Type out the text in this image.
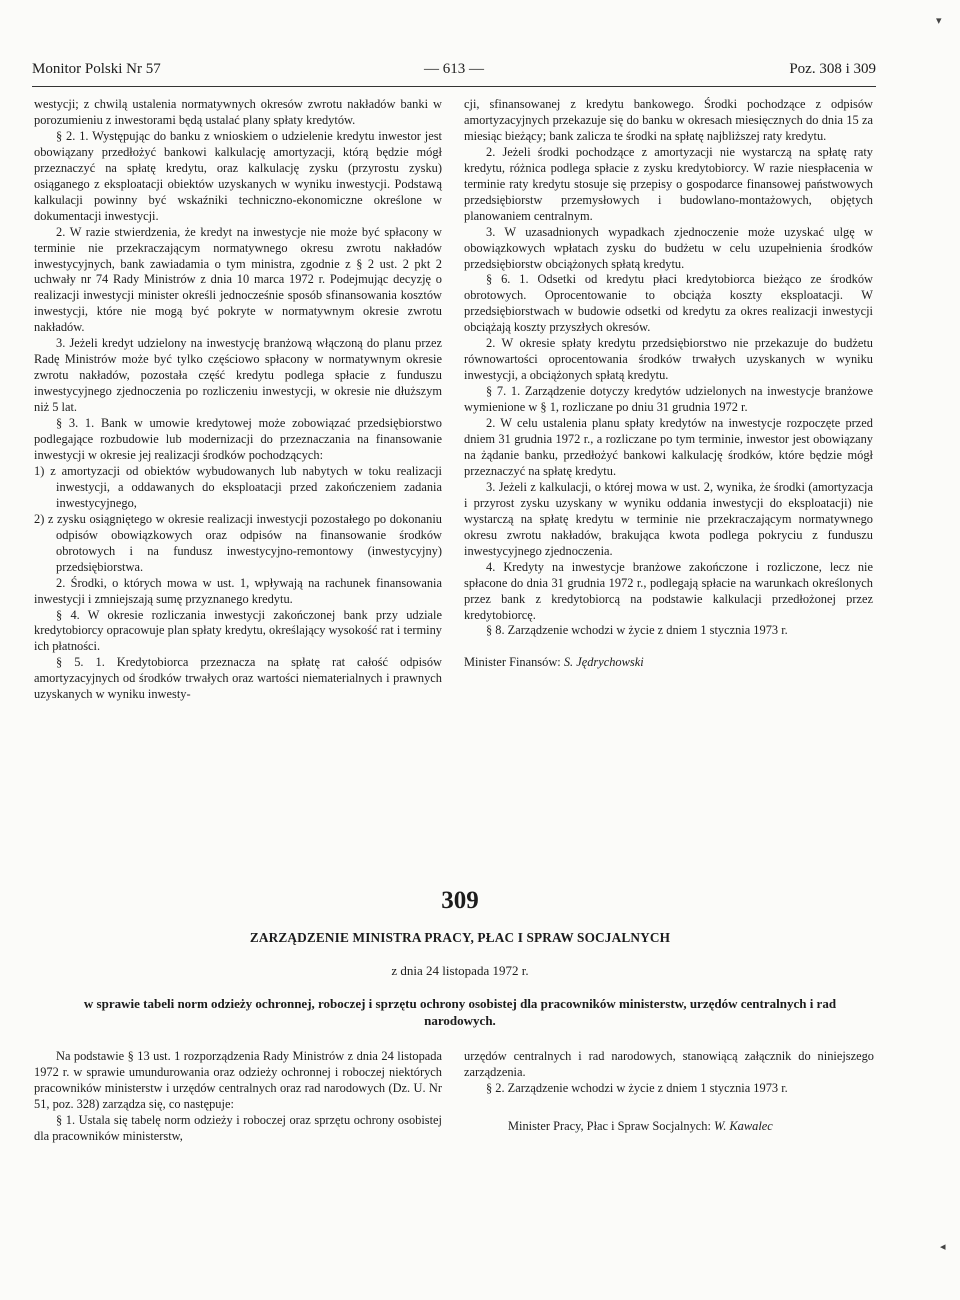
Monitor Polski Nr 57	— 613 —	Poz. 308 i 309

westycji; z chwilą ustalenia normatywnych okresów zwrotu nakładów banki w porozumieniu z inwestorami będą ustalać plany spłaty kredytów.

§ 2. 1. Występując do banku z wnioskiem o udzielenie kredytu inwestor jest obowiązany przedłożyć bankowi kalkulację amortyzacji, którą będzie mógł przeznaczyć na spłatę kredytu, oraz kalkulację zysku (przyrostu zysku) osiąganego z eksploatacji obiektów uzyskanych w wyniku inwestycji. Podstawą kalkulacji powinny być wskaźniki techniczno-ekonomiczne określone w dokumentacji inwestycji.

2. W razie stwierdzenia, że kredyt na inwestycje nie może być spłacony w terminie nie przekraczającym normatywnego okresu zwrotu nakładów inwestycyjnych, bank zawiadamia o tym ministra, zgodnie z § 2 ust. 2 pkt 2 uchwały nr 74 Rady Ministrów z dnia 10 marca 1972 r. Podejmując decyzję o realizacji inwestycji minister określi jednocześnie sposób sfinansowania kosztów inwestycji, które nie mogą być pokryte w normatywnym okresie zwrotu nakładów.

3. Jeżeli kredyt udzielony na inwestycję branżową włączoną do planu przez Radę Ministrów może być tylko częściowo spłacony w normatywnym okresie zwrotu nakładów, pozostała część kredytu podlega spłacie z funduszu inwestycyjnego zjednoczenia po rozliczeniu inwestycji, w okresie nie dłuższym niż 5 lat.

§ 3. 1. Bank w umowie kredytowej może zobowiązać przedsiębiorstwo podlegające rozbudowie lub modernizacji do przeznaczania na finansowanie inwestycji w okresie jej realizacji środków pochodzących:

1) z amortyzacji od obiektów wybudowanych lub nabytych w toku realizacji inwestycji, a oddawanych do eksploatacji przed zakończeniem zadania inwestycyjnego,

2) z zysku osiągniętego w okresie realizacji inwestycji pozostałego po dokonaniu odpisów obowiązkowych oraz odpisów na finansowanie środków obrotowych i na fundusz inwestycyjno-remontowy (inwestycyjny) przedsiębiorstwa.

2. Środki, o których mowa w ust. 1, wpływają na rachunek finansowania inwestycji i zmniejszają sumę przyznanego kredytu.

§ 4. W okresie rozliczania inwestycji zakończonej bank przy udziale kredytobiorcy opracowuje plan spłaty kredytu, określający wysokość rat i terminy ich płatności.

§ 5. 1. Kredytobiorca przeznacza na spłatę rat całość odpisów amortyzacyjnych od środków trwałych oraz wartości niematerialnych i prawnych uzyskanych w wyniku inwesty-

cji, sfinansowanej z kredytu bankowego. Środki pochodzące z odpisów amortyzacyjnych przekazuje się do banku w okresach miesięcznych do dnia 15 za miesiąc bieżący; bank zalicza te środki na spłatę najbliższej raty kredytu.

2. Jeżeli środki pochodzące z amortyzacji nie wystarczą na spłatę raty kredytu, różnica podlega spłacie z zysku kredytobiorcy. W razie niespłacenia w terminie raty kredytu stosuje się przepisy o gospodarce finansowej państwowych przedsiębiorstw przemysłowych i budowlano-montażowych, objętych planowaniem centralnym.

3. W uzasadnionych wypadkach zjednoczenie może uzyskać ulgę w obowiązkowych wpłatach zysku do budżetu w celu uzupełnienia środków przedsiębiorstw obciążonych spłatą kredytu.

§ 6. 1. Odsetki od kredytu płaci kredytobiorca bieżąco ze środków obrotowych. Oprocentowanie to obciąża koszty eksploatacji. W przedsiębiorstwach w budowie odsetki od kredytu za okres realizacji inwestycji obciążają koszty przyszłych okresów.

2. W okresie spłaty kredytu przedsiębiorstwo nie przekazuje do budżetu równowartości oprocentowania środków trwałych uzyskanych w wyniku inwestycji, a obciążonych spłatą kredytu.

§ 7. 1. Zarządzenie dotyczy kredytów udzielonych na inwestycje branżowe wymienione w § 1, rozliczane po dniu 31 grudnia 1972 r.

2. W celu ustalenia planu spłaty kredytów na inwestycje rozpoczęte przed dniem 31 grudnia 1972 r., a rozliczane po tym terminie, inwestor jest obowiązany na żądanie banku, przedłożyć bankowi kalkulację środków, które będzie mógł przeznaczyć na spłatę kredytu.

3. Jeżeli z kalkulacji, o której mowa w ust. 2, wynika, że środki (amortyzacja i przyrost zysku uzyskany w wyniku oddania inwestycji do eksploatacji) nie wystarczą na spłatę kredytu w terminie nie przekraczającym normatywnego okresu zwrotu nakładów, brakująca kwota podlega pokryciu z funduszu inwestycyjnego zjednoczenia.

4. Kredyty na inwestycje branżowe zakończone i rozliczone, lecz nie spłacone do dnia 31 grudnia 1972 r., podlegają spłacie na warunkach określonych przez bank z kredytobiorcą na podstawie kalkulacji przedłożonej przez kredytobiorcę.

§ 8. Zarządzenie wchodzi w życie z dniem 1 stycznia 1973 r.

Minister Finansów: S. Jędrychowski

309
ZARZĄDZENIE MINISTRA PRACY, PŁAC I SPRAW SOCJALNYCH
z dnia 24 listopada 1972 r.
w sprawie tabeli norm odzieży ochronnej, roboczej i sprzętu ochrony osobistej dla pracowników ministerstw, urzędów centralnych i rad narodowych.

Na podstawie § 13 ust. 1 rozporządzenia Rady Ministrów z dnia 24 listopada 1972 r. w sprawie umundurowania oraz odzieży ochronnej i roboczej niektórych pracowników ministerstw i urzędów centralnych oraz rad narodowych (Dz. U. Nr 51, poz. 328) zarządza się, co następuje:

§ 1. Ustala się tabelę norm odzieży i roboczej oraz sprzętu ochrony osobistej dla pracowników ministerstw,

urzędów centralnych i rad narodowych, stanowiącą załącznik do niniejszego zarządzenia.

§ 2. Zarządzenie wchodzi w życie z dniem 1 stycznia 1973 r.

Minister Pracy, Płac i Spraw Socjalnych: W. Kawalec

▾
◂
